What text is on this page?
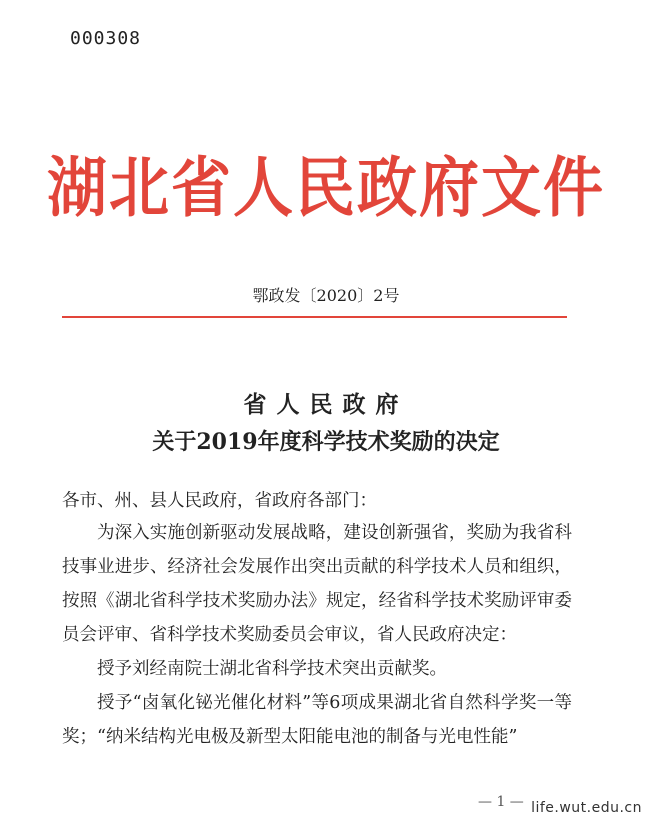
000308
湖北省人民政府文件
鄂政发〔2020〕2号
省人民政府
关于2019年度科学技术奖励的决定
各市、州、县人民政府，省政府各部门：

为深入实施创新驱动发展战略，建设创新强省，奖励为我省科技事业进步、经济社会发展作出突出贡献的科学技术人员和组织，按照《湖北省科学技术奖励办法》规定，经省科学技术奖励评审委员会评审、省科学技术奖励委员会审议，省人民政府决定：

授予刘经南院士湖北省科学技术突出贡献奖。

授予“卤氧化铋光催化材料”等6项成果湖北省自然科学奖一等奖；“纳米结构光电极及新型太阳能电池的制备与光电性能”

— 1 — life.wut.edu.cn
